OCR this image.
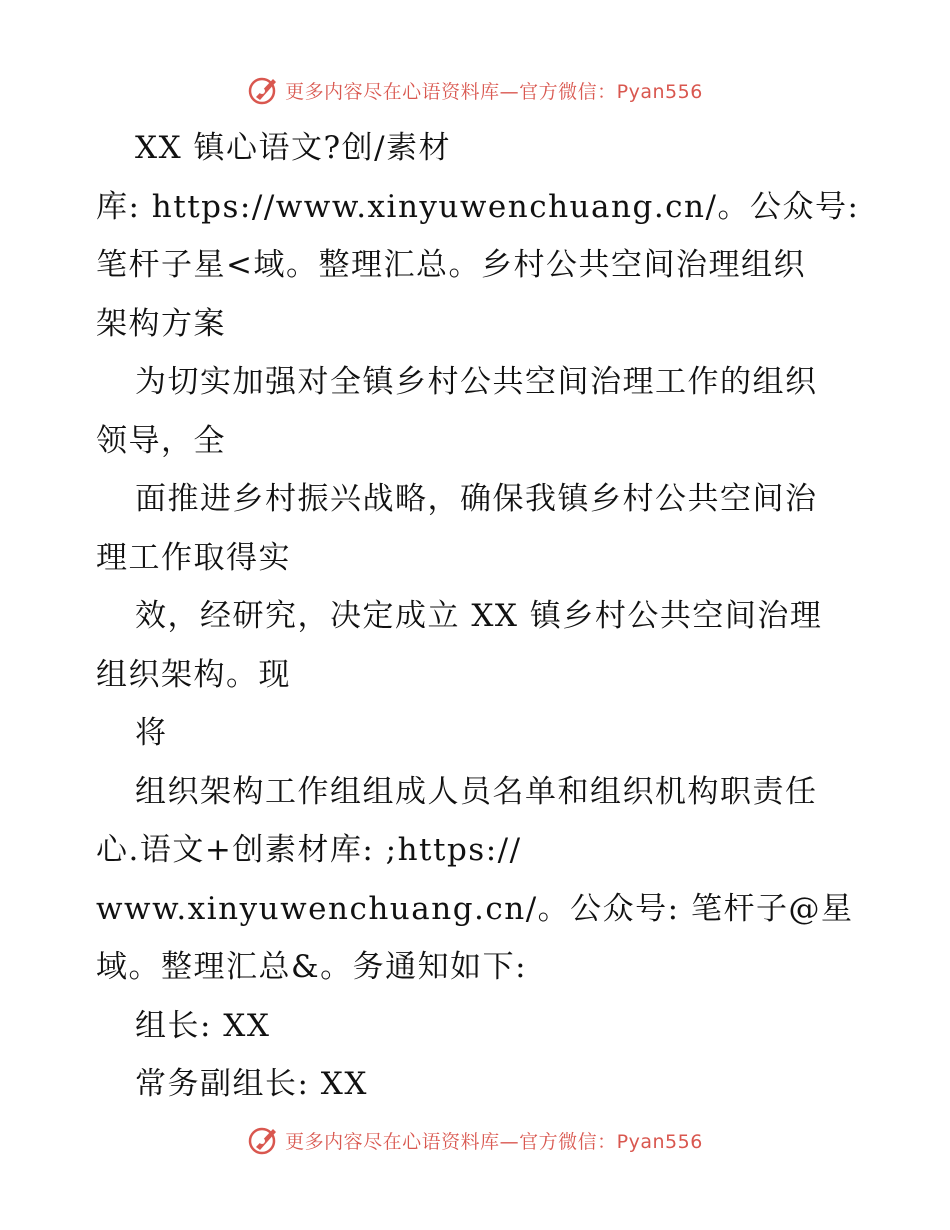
更多内容尽在心语资料库—官方微信：Pyan556
XX 镇心语文?创/素材
库: https://www.xinyuwenchuang.cn/。公众号:
笔杆子星<域。整理汇总。乡村公共空间治理组织
架构方案
为切实加强对全镇乡村公共空间治理工作的组织
领导，全
面推进乡村振兴战略，确保我镇乡村公共空间治
理工作取得实
效，经研究，决定成立 XX 镇乡村公共空间治理
组织架构。现
将
组织架构工作组组成人员名单和组织机构职责任
心.语文+创素材库: ;https://
www.xinyuwenchuang.cn/。公众号: 笔杆子@星
域。整理汇总&。务通知如下:
组长: XX
常务副组长: XX
更多内容尽在心语资料库—官方微信：Pyan556
